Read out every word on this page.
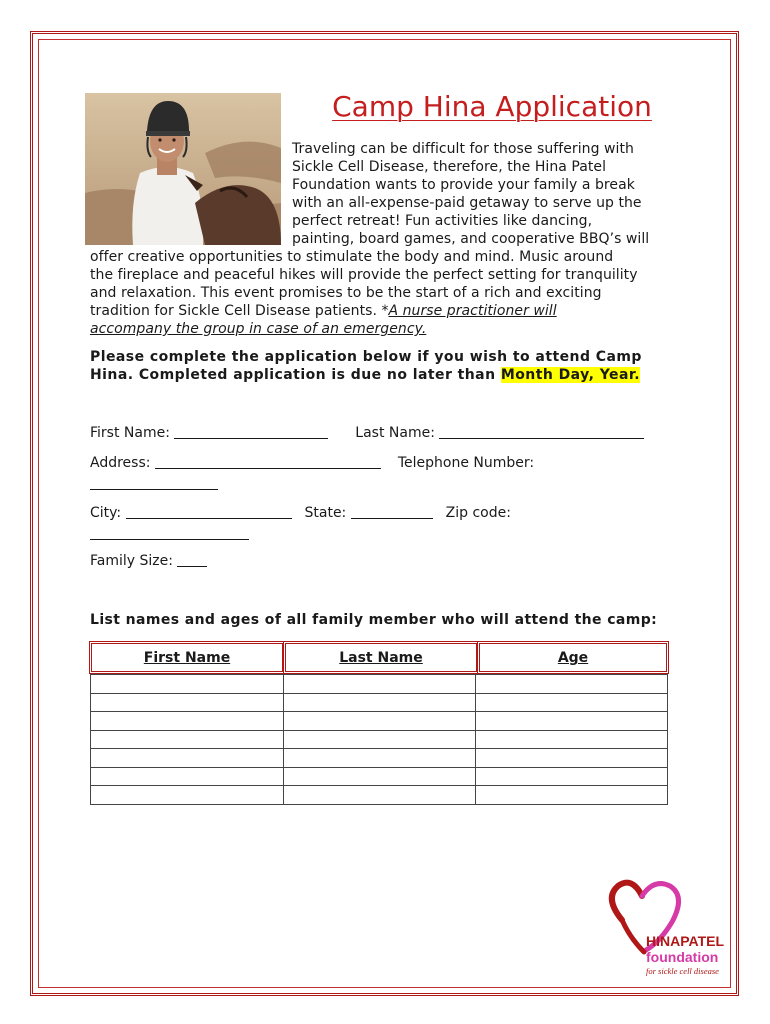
Camp Hina Application
Traveling can be difficult for those suffering with
Sickle Cell Disease, therefore, the Hina Patel
Foundation wants to provide your family a break
with an all-expense-paid getaway to serve up the
perfect retreat! Fun activities like dancing,
painting, board games, and cooperative BBQ’s will
offer creative opportunities to stimulate the body and mind. Music around
the fireplace and peaceful hikes will provide the perfect setting for tranquility
and relaxation. This event promises to be the start of a rich and exciting
tradition for Sickle Cell Disease patients. *A nurse practitioner will
accompany the group in case of an emergency.
Please complete the application below if you wish to attend Camp
Hina. Completed application is due no later than Month Day, Year.
First Name:	Last Name:
Address:	Telephone Number:
City:	State:	Zip code:
Family Size:
List names and ages of all family member who will attend the camp:
First Name	Last Name	Age

HINAPATEL
foundation
for sickle cell disease
